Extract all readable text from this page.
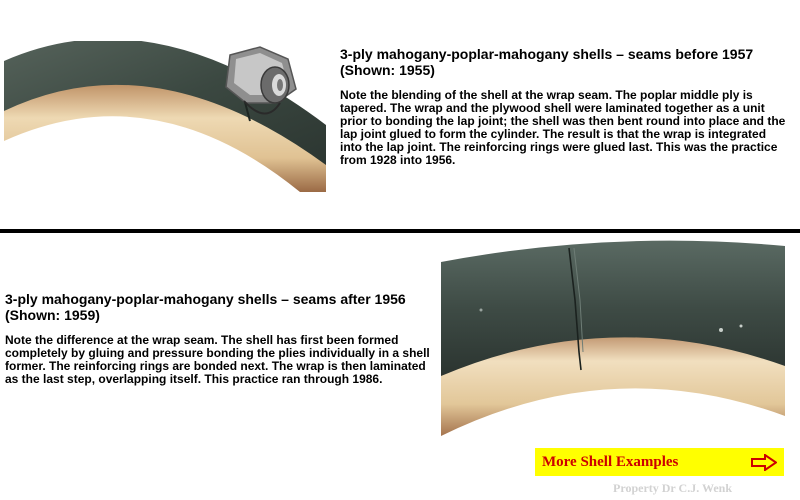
3-ply mahogany-poplar-mahogany shells – seams before 1957 (Shown: 1955)

Note the blending of the shell at the wrap seam. The poplar middle ply is tapered. The wrap and the plywood shell were laminated together as a unit prior to bonding the lap joint; the shell was then bent round into place and the lap joint glued to form the cylinder. The result is that the wrap is integrated into the lap joint. The reinforcing rings were glued last. This was the practice from 1928 into 1956.

3-ply mahogany-poplar-mahogany shells – seams after 1956 (Shown: 1959)

Note the difference at the wrap seam. The shell has first been formed completely by gluing and pressure bonding the plies individually in a shell former. The reinforcing rings are bonded next. The wrap is then laminated as the last step, overlapping itself. This practice ran through 1986.

More Shell Examples
Property Dr C.J. Wenk
